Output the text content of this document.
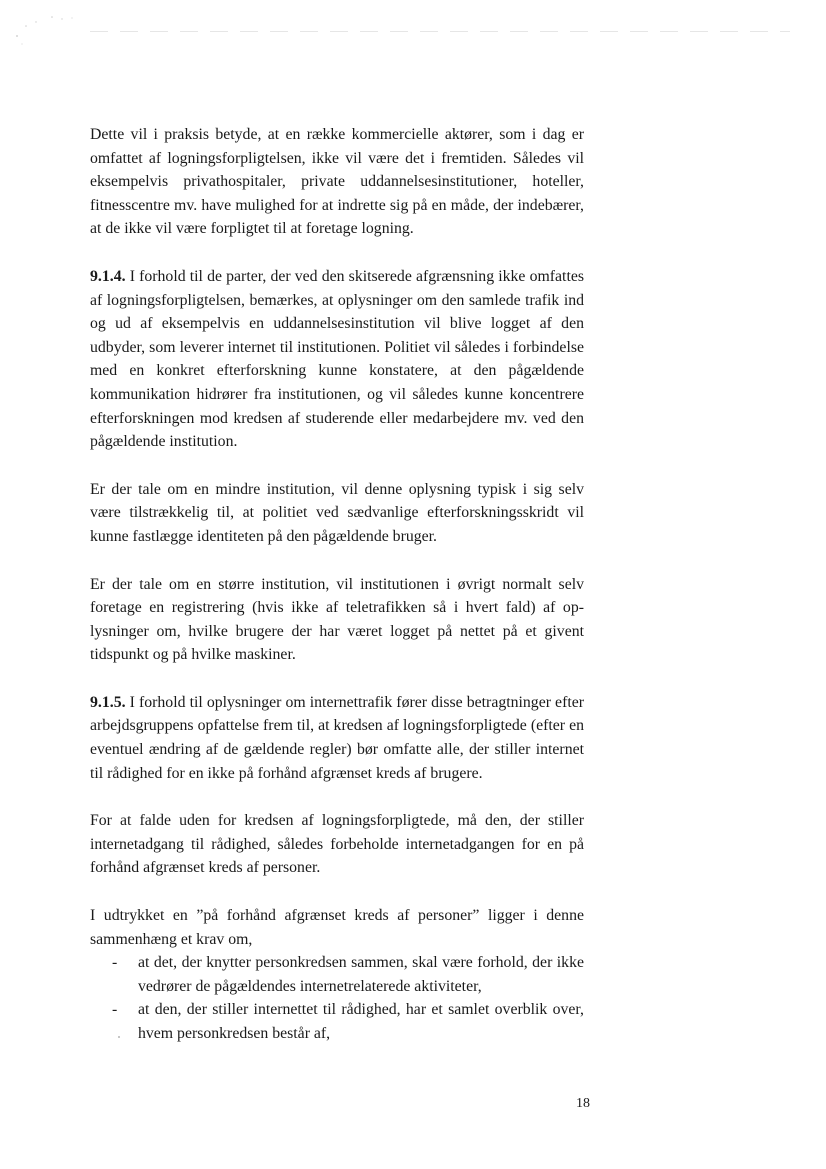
Dette vil i praksis betyde, at en række kommercielle aktører, som i dag er omfattet af logningsforpligtelsen, ikke vil være det i fremtiden. Således vil eksempelvis privathospitaler, private uddannelsesinstitutioner, hoteller, fitnesscentre mv. have mulighed for at indrette sig på en måde, der indebærer, at de ikke vil være forpligtet til at foretage logning.

9.1.4. I forhold til de parter, der ved den skitserede afgrænsning ikke omfattes af logningsforpligtelsen, bemærkes, at oplysninger om den samlede trafik ind og ud af eksempelvis en uddannelsesinstitution vil blive logget af den udbyder, som leverer internet til institutionen. Politiet vil således i forbindelse med en konkret efterforskning kunne konstatere, at den pågældende kommunikation hidrører fra institutionen, og vil således kunne koncentrere efterforskningen mod kredsen af studerende eller medarbejdere mv. ved den pågældende institution.

Er der tale om en mindre institution, vil denne oplysning typisk i sig selv være tilstrækkelig til, at politiet ved sædvanlige efterforskningsskridt vil kunne fastlægge identiteten på den pågældende bruger.

Er der tale om en større institution, vil institutionen i øvrigt normalt selv foretage en registrering (hvis ikke af teletrafikken så i hvert fald) af oplysninger om, hvilke brugere der har været logget på nettet på et givent tidspunkt og på hvilke maskiner.

9.1.5. I forhold til oplysninger om internettrafik fører disse betragtninger efter arbejdsgruppens opfattelse frem til, at kredsen af logningsforpligtede (efter en eventuel ændring af de gældende regler) bør omfatte alle, der stiller internet til rådighed for en ikke på forhånd afgrænset kreds af brugere.

For at falde uden for kredsen af logningsforpligtede, må den, der stiller internetadgang til rådighed, således forbeholde internetadgangen for en på forhånd afgrænset kreds af personer.

I udtrykket en ”på forhånd afgrænset kreds af personer” ligger i denne sammenhæng et krav om,

-	at det, der knytter personkredsen sammen, skal være forhold, der ikke vedrører de pågældendes internetrelaterede aktiviteter,
-	at den, der stiller internettet til rådighed, har et samlet overblik over, hvem personkredsen består af,
18
